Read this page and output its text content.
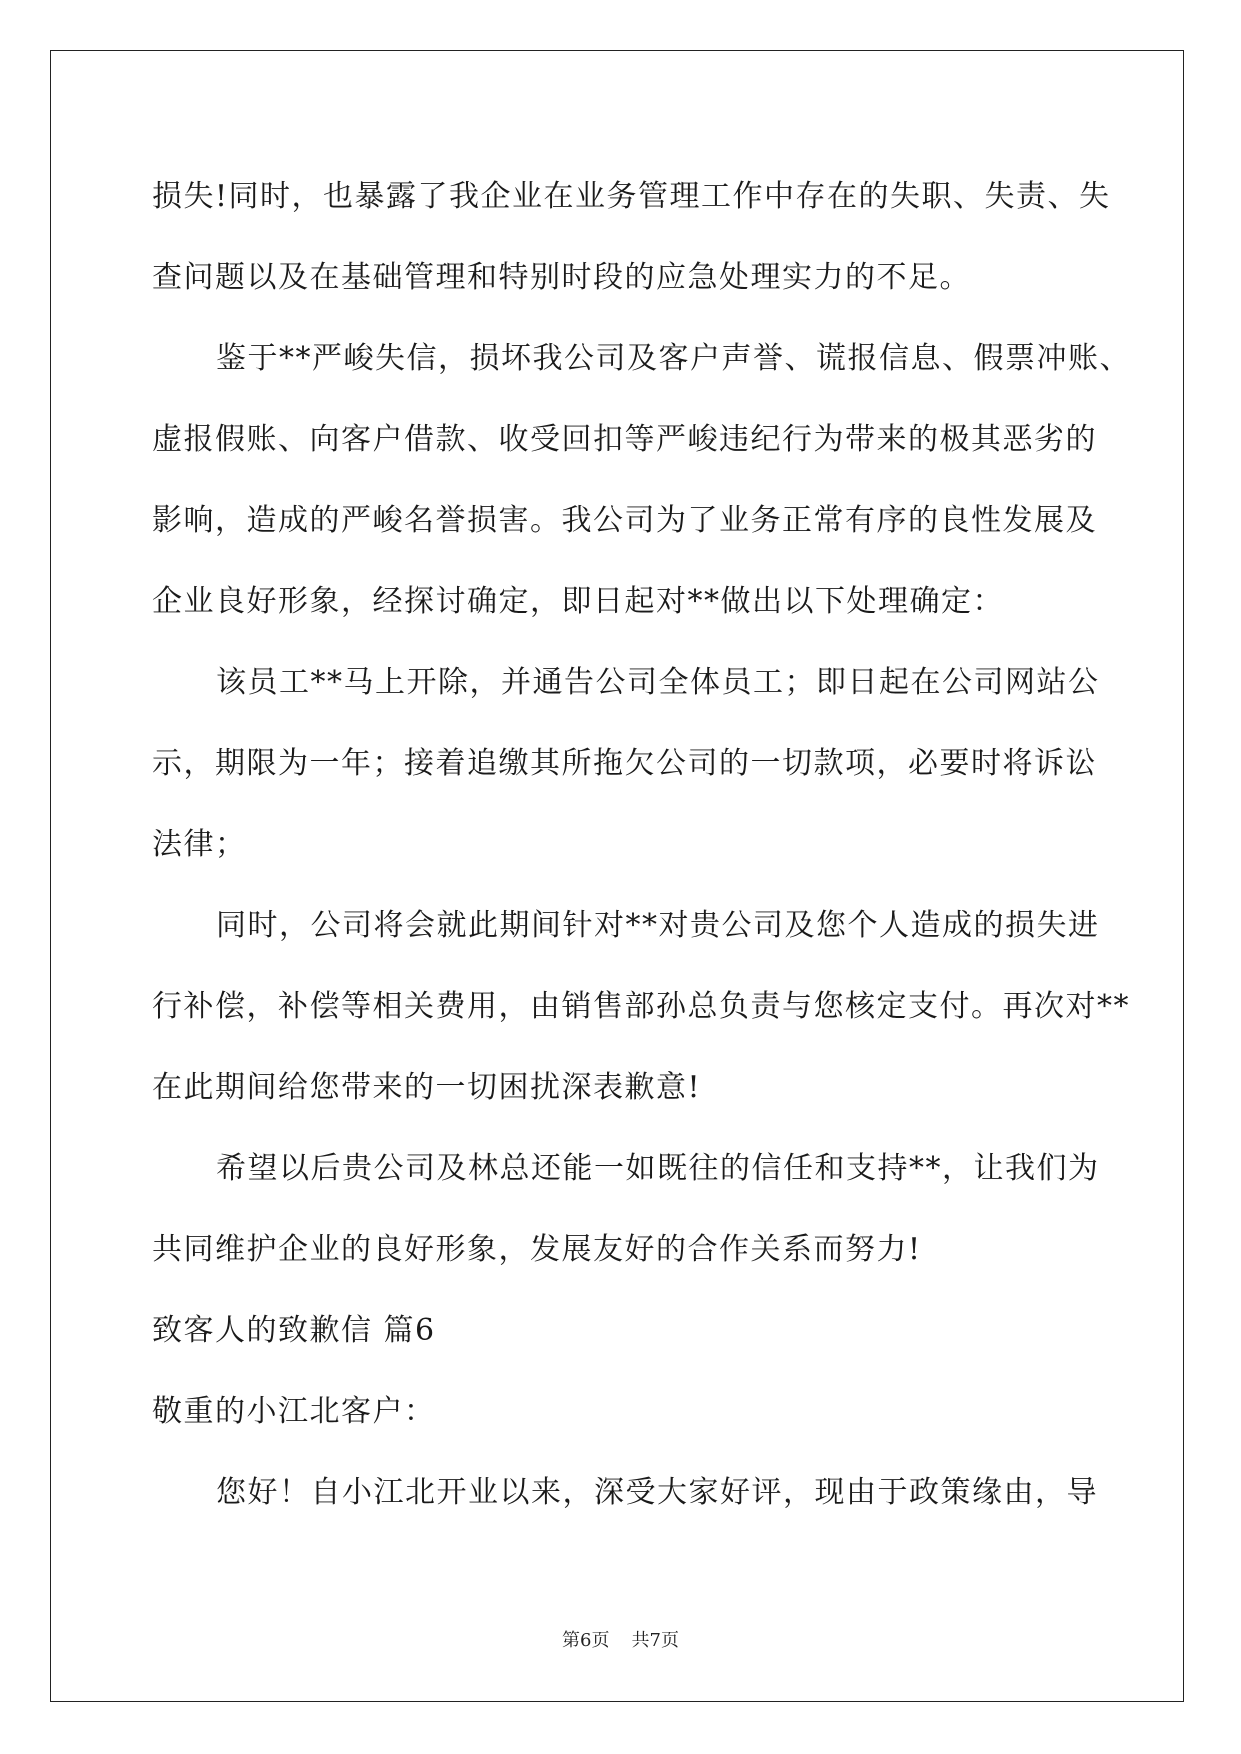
损失!同时，也暴露了我企业在业务管理工作中存在的失职、失责、失
查问题以及在基础管理和特别时段的应急处理实力的不足。
鉴于**严峻失信，损坏我公司及客户声誉、谎报信息、假票冲账、
虚报假账、向客户借款、收受回扣等严峻违纪行为带来的极其恶劣的
影响，造成的严峻名誉损害。我公司为了业务正常有序的良性发展及
企业良好形象，经探讨确定，即日起对**做出以下处理确定：
该员工**马上开除，并通告公司全体员工；即日起在公司网站公
示，期限为一年；接着追缴其所拖欠公司的一切款项，必要时将诉讼
法律；
同时，公司将会就此期间针对**对贵公司及您个人造成的损失进
行补偿，补偿等相关费用，由销售部孙总负责与您核定支付。再次对**
在此期间给您带来的一切困扰深表歉意!
希望以后贵公司及林总还能一如既往的信任和支持**，让我们为
共同维护企业的良好形象，发展友好的合作关系而努力!
致客人的致歉信 篇6
敬重的小江北客户：
您好！自小江北开业以来，深受大家好评，现由于政策缘由，导
第6页 共7页
